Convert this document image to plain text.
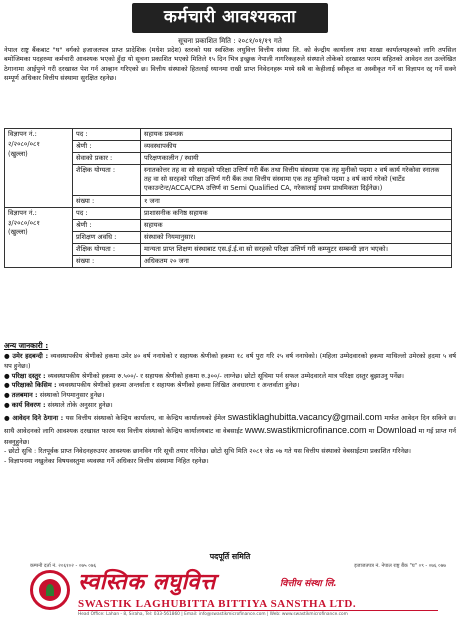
कर्मचारी आवश्यकता
सूचना प्रकाशित मिति : २०८१/०१/१९ गते

नेपाल राष्ट्र बैंकबाट "घ" वर्गको इजाजतपत्र प्राप्त प्रादेशिक (मधेश प्रदेश) स्तरको यस स्वस्तिक लघुवित्त वित्तीय संस्था लि. को केन्द्रीय कार्यालय तथा शाखा कार्यालयहरुको लागि तपसिल बमोजिमका पदहरुमा कर्मचारी आवश्यक भएको हुँदा यो सूचना प्रकाशित भएको मितिले १५ दिन भित्र इच्छुक नेपाली नागरिकहरुले संस्थाले तोकेको दरखास्त फारम सहितको आवेदन तल उल्लेखित ठेगानामा आईपुग्ने गरी दरखास्त पेश गर्न आव्हान गरिएको छ। वित्तीय संस्थाको हितलाई ध्यानमा राखी प्राप्त निवेदनहरू मध्ये सबै वा केहीलाई स्वीकृत वा अस्वीकृत गर्ने वा विज्ञापन रद्द गर्ने सक्ने सम्पूर्ण अधिकार वित्तीय संस्थामा सुरक्षित रहनेछ।

विज्ञापन नं.:
२/२०८०/०८१
(खुल्ला)	पद :	सहायक प्रबन्धक
	श्रेणी :	व्यवस्थापकीय
	सेवाको प्रकार :	परिक्षणकालीन / स्थायी
	शैक्षिक योग्यता :	स्नातकोत्तर तह वा सो सरहको परिक्षा उत्तिर्ण गरी बैंक तथा वित्तीय संस्थामा एक तह मुनीको पदमा २ वर्ष कार्य गरेकोवा स्नातक तह वा सो सरहको परिक्षा उत्तिर्ण गरी बैंक तथा वित्तीय संस्थामा एक तह मुनिको पदमा ३ वर्ष कार्य गरेको (चार्टेड एकाउन्टेन्ट/ACCA/CPA उत्तिर्ण वा Semi Qualified CA, गरेकालाई प्रथम प्राथमिकता दिईनेछ।)
	संख्या :	१ जना

विज्ञापन नं.:
३/२०८०/०८१
(खुल्ला)	पद :	प्राशासनीक कनिष्ठ सहायक
	श्रेणी :	सहायक
	प्रशिक्षण अवधि :	संस्थाको नियमानुसार।
	शैक्षिक योग्यता :	मान्यता प्राप्त शिक्षण संस्थाबाट एस.ई.ई.वा सो सरहको परिक्षा उत्तिर्ण गरी कम्प्युटर सम्बन्धी ज्ञान भएको।
	संख्या :	अधिकतम २० जना
अन्य जानकारी :
● उमेर हदबन्दी : व्यवस्थापकीय श्रेणीको हकमा उमेर ४० वर्ष ननाघेको र सहायक श्रेणीको हकमा १८ वर्ष पुरा गरि २५ वर्ष ननाघेको। (महिला उम्मेदवारको हकमा माथिल्लो उमेरको हदमा ५ वर्ष थप हुनेछ।)
● परिक्षा दस्तुर : व्यवस्थापकीय श्रेणीको हकमा रु.५००/- र सहायक श्रेणीको हकमा रु.३००/- लाग्नेछ। छोटो सूचिमा पर्न सफल उम्मेदवारले मात्र परिक्षा दस्तुर बुझाउनु पर्नेछ।
● परिक्षाको किसिम : व्यवस्थापकीय श्रेणीको हकमा अन्तर्वाता र सहायक श्रेणीको हकमा लिखित अवधारणा र अन्तर्वाता हुनेछ।
● तलबमान : संस्थाको नियमानुसार हुनेछ।
● कार्य विवरण : संस्थाले तोके अनुसार हुनेछ।
● आवेदन दिने ठेगाना : यस वित्तीय संस्थाको केन्द्रिय कार्यालय, वा केन्द्रिय कार्यालयको ईमेल swastiklaghubitta.vacancy@gmail.com मार्फत आवेदन दिन सकिने छ। साथै आवेदनको लागि आवश्यक दरखास्त फारम यस वित्तीय संस्थाको केन्द्रिय कार्यालयबाट वा वेबसाईट www.swastikmicrofinance.com मा Download मा गई प्राप्त गर्न सक्नुहुनेछ।
- छोटो सुचि : रितपूर्वक प्राप्त निवेदनहरुउपर आवश्यक छानविन गरि सूची तयार गरिनेछ। छोटो सुचि मिति २०८१ जेठ ०७ गते यस वित्तीय संस्थाको वेबसाईटमा प्रकाशित गरिनेछ।
- विज्ञापनमा नखुलेका विषयवस्तुमा व्यवस्था गर्ने अधिकार वित्तीय संस्थामा निहित रहनेछ।
पदपूर्ति समिति
कम्पनी दर्ता नं. २०६१०२ - ०७५ ०७६	इजाजतपत्र नं. नेपाल राष्ट्र बैंक "घ" ०९ - ०७६ ०७७
स्वस्तिक लघुवित्त	वित्तीय संस्था लि.
SWASTIK LAGHUBITTA BITTIYA SANSTHA LTD.
Head Office: Lahan - 8, Siraha, Tel: 033-561860 | Email: info@swastikmicrofinance.com | Web: www.swastikmicrofinance.com
